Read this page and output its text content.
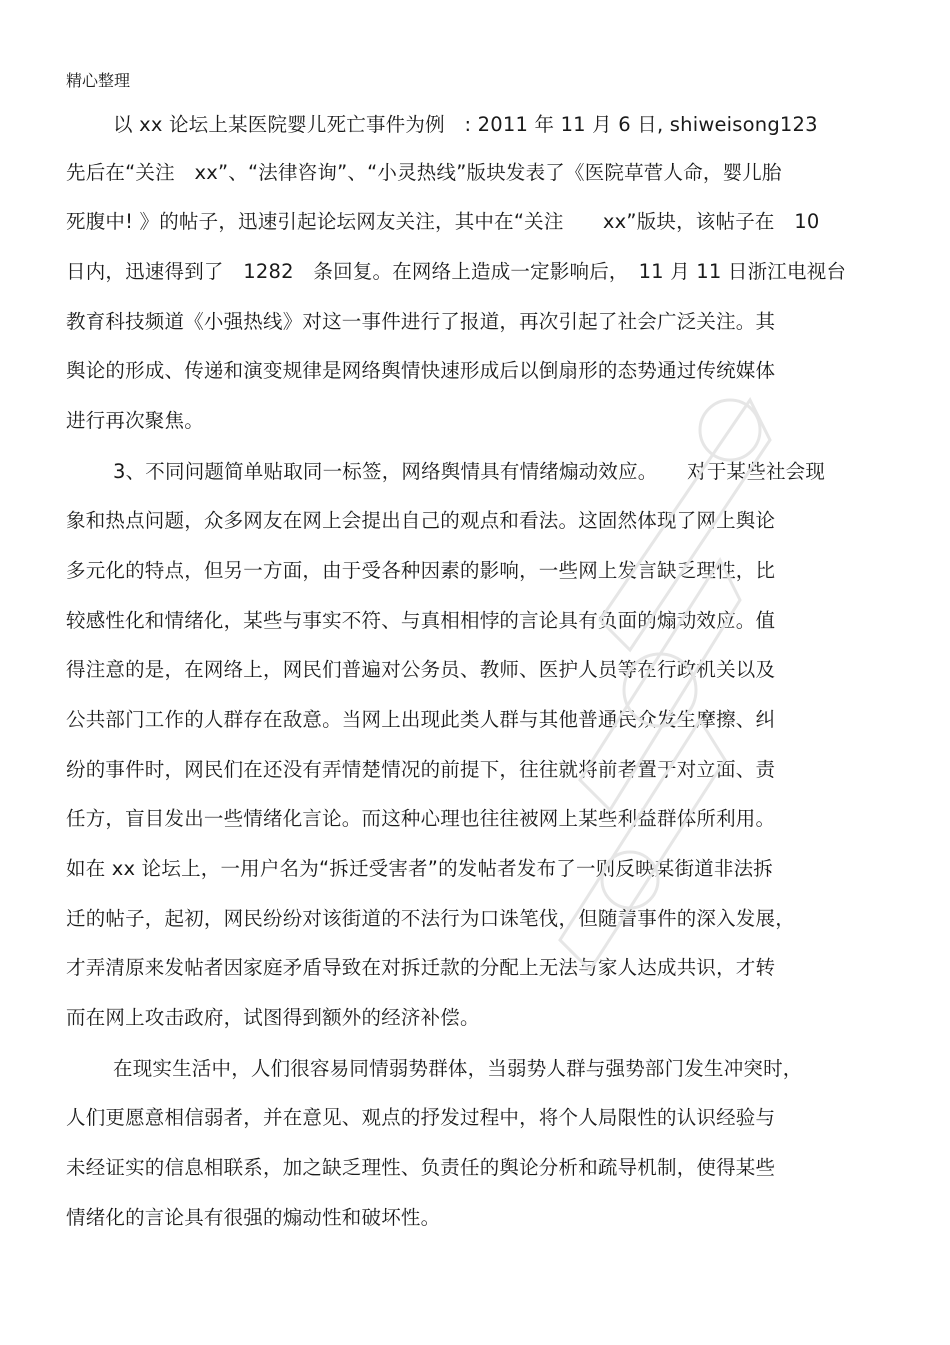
精心整理
以 xx 论坛上某医院婴儿死亡事件为例　: 2011 年 11 月 6 日, shiweisong123
先后在“关注　xx”、“法律咨询”、“小灵热线”版块发表了《医院草菅人命，婴儿胎
死腹中! 》的帖子，迅速引起论坛网友关注，其中在“关注　　xx”版块，该帖子在　10
日内，迅速得到了　1282　条回复。在网络上造成一定影响后，　11 月 11 日浙江电视台
教育科技频道《小强热线》对这一事件进行了报道，再次引起了社会广泛关注。其
舆论的形成、传递和演变规律是网络舆情快速形成后以倒扇形的态势通过传统媒体
进行再次聚焦。
3、不同问题简单贴取同一标签，网络舆情具有情绪煽动效应。　　对于某些社会现
象和热点问题，众多网友在网上会提出自己的观点和看法。这固然体现了网上舆论
多元化的特点，但另一方面，由于受各种因素的影响，一些网上发言缺乏理性，比
较感性化和情绪化，某些与事实不符、与真相相悖的言论具有负面的煽动效应。值
得注意的是，在网络上，网民们普遍对公务员、教师、医护人员等在行政机关以及
公共部门工作的人群存在敌意。当网上出现此类人群与其他普通民众发生摩擦、纠
纷的事件时，网民们在还没有弄情楚情况的前提下，往往就将前者置于对立面、责
任方，盲目发出一些情绪化言论。而这种心理也往往被网上某些利益群体所利用。
如在 xx 论坛上，一用户名为“拆迁受害者”的发帖者发布了一则反映某街道非法拆
迁的帖子，起初，网民纷纷对该街道的不法行为口诛笔伐，但随着事件的深入发展，
才弄清原来发帖者因家庭矛盾导致在对拆迁款的分配上无法与家人达成共识，才转
而在网上攻击政府，试图得到额外的经济补偿。
在现实生活中，人们很容易同情弱势群体，当弱势人群与强势部门发生冲突时，
人们更愿意相信弱者，并在意见、观点的抒发过程中，将个人局限性的认识经验与
未经证实的信息相联系，加之缺乏理性、负责任的舆论分析和疏导机制，使得某些
情绪化的言论具有很强的煽动性和破坏性。
